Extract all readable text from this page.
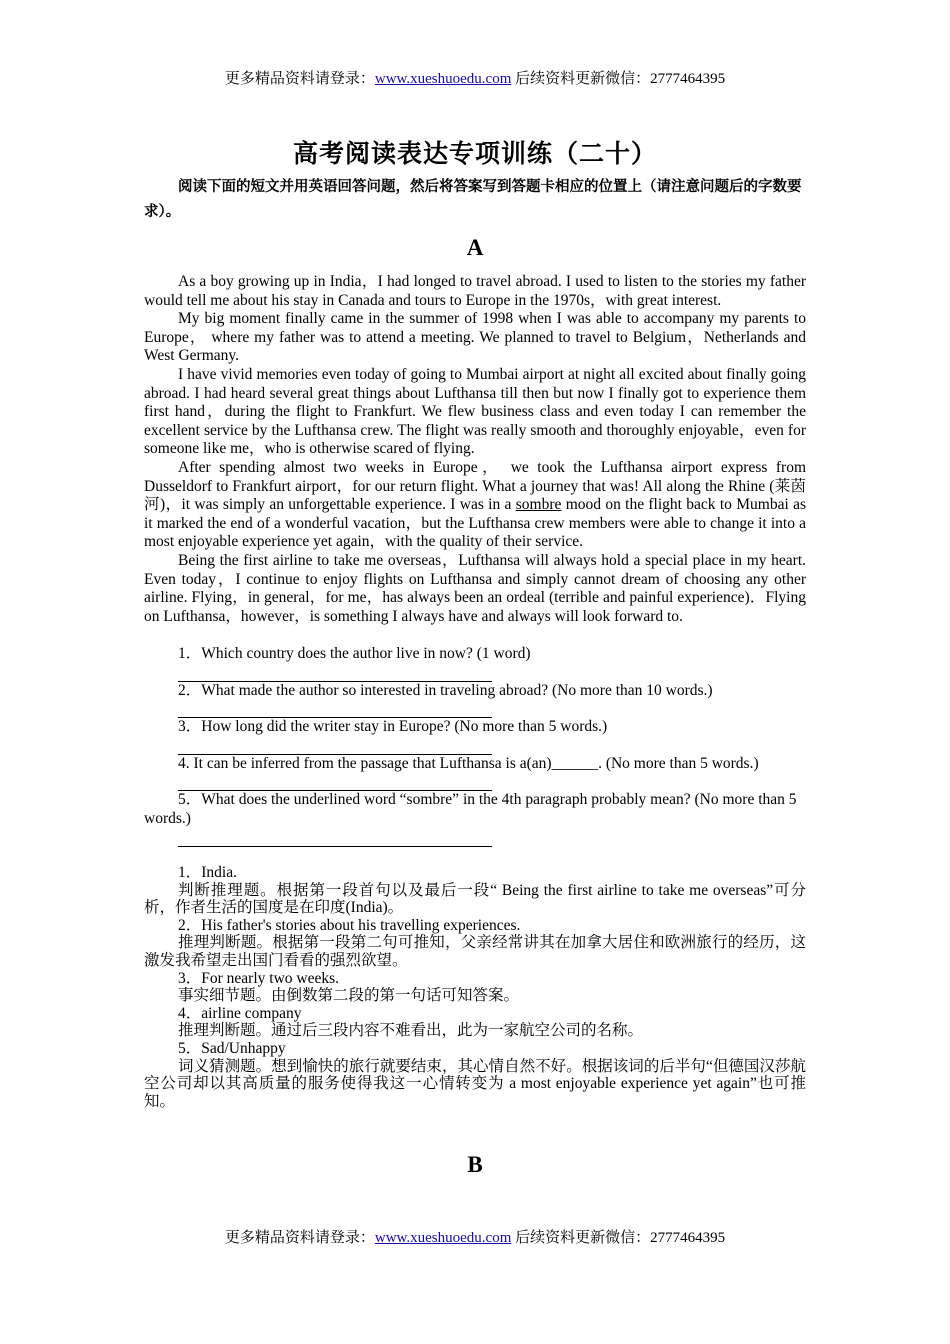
更多精品资料请登录：www.xueshuoedu.com 后续资料更新微信：2777464395
高考阅读表达专项训练（二十）
阅读下面的短文并用英语回答问题，然后将答案写到答题卡相应的位置上（请注意问题后的字数要求）。
A

As a boy growing up in India，I had longed to travel abroad. I used to listen to the stories my father would tell me about his stay in Canada and tours to Europe in the 1970s，with great interest.

My big moment finally came in the summer of 1998 when I was able to accompany my parents to Europe， where my father was to attend a meeting. We planned to travel to Belgium，Netherlands and West Germany.

I have vivid memories even today of going to Mumbai airport at night all excited about finally going abroad. I had heard several great things about Lufthansa till then but now I finally got to experience them first hand，during the flight to Frankfurt. We flew business class and even today I can remember the excellent service by the Lufthansa crew. The flight was really smooth and thoroughly enjoyable，even for someone like me，who is otherwise scared of flying.

After spending almost two weeks in Europe， we took the Lufthansa airport express from Dusseldorf to Frankfurt airport，for our return flight. What a journey that was! All along the Rhine (莱茵河)，it was simply an unforgettable experience. I was in a sombre mood on the flight back to Mumbai as it marked the end of a wonderful vacation，but the Lufthansa crew members were able to change it into a most enjoyable experience yet again，with the quality of their service.

Being the first airline to take me overseas，Lufthansa will always hold a special place in my heart. Even today，I continue to enjoy flights on Lufthansa and simply cannot dream of choosing any other airline. Flying，in general，for me，has always been an ordeal (terrible and painful experience)．Flying on Lufthansa，however，is something I always have and always will look forward to.

1．Which country does the author live in now? (1 word)

2．What made the author so interested in traveling abroad? (No more than 10 words.)

3．How long did the writer stay in Europe? (No more than 5 words.)

4. It can be inferred from the passage that Lufthansa is a(an)______. (No more than 5 words.)

5．What does the underlined word “sombre” in the 4th paragraph probably mean? (No more than 5 words.)

1．India.

判断推理题。根据第一段首句以及最后一段“ Being the first airline to take me overseas”可分析，作者生活的国度是在印度(India)。

2．His father's stories about his travelling experiences.

推理判断题。根据第一段第二句可推知，父亲经常讲其在加拿大居住和欧洲旅行的经历，这激发我希望走出国门看看的强烈欲望。

3．For nearly two weeks.

事实细节题。由倒数第二段的第一句话可知答案。

4．airline company

推理判断题。通过后三段内容不难看出，此为一家航空公司的名称。

5．Sad/Unhappy

词义猜测题。想到愉快的旅行就要结束，其心情自然不好。根据该词的后半句“但德国汉莎航空公司却以其高质量的服务使得我这一心情转变为 a most enjoyable experience yet again”也可推知。

B
更多精品资料请登录：www.xueshuoedu.com 后续资料更新微信：2777464395
